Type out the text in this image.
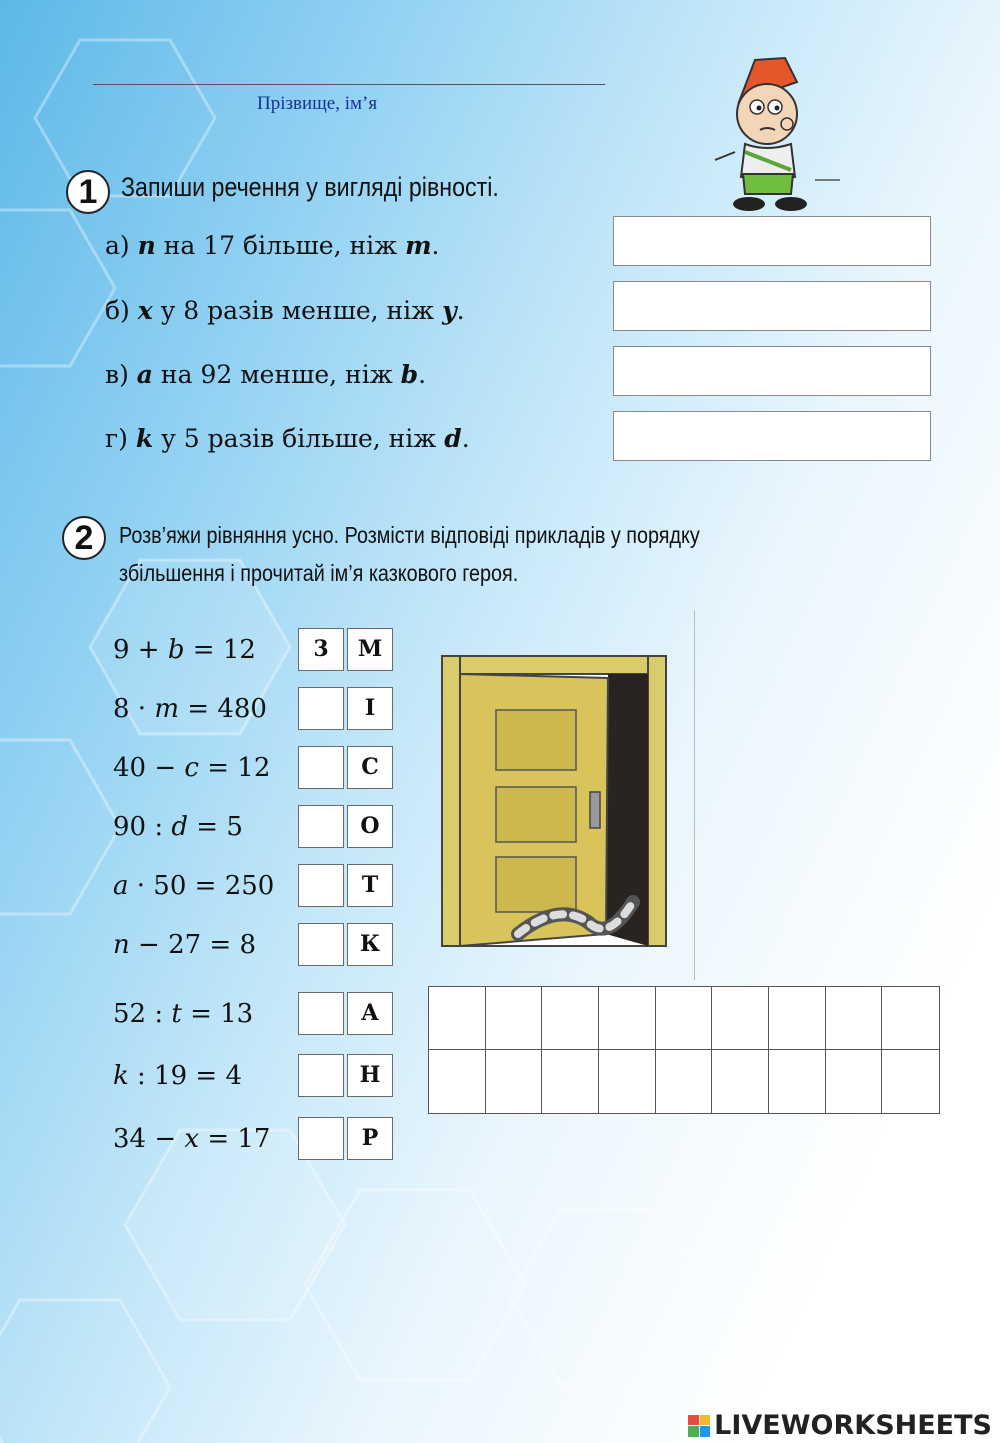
Прізвище, ім’я
1 Запиши речення у вигляді рівності.
а) n на 17 більше, ніж m.
б) x у 8 разів менше, ніж y.
в) a на 92 менше, ніж b.
г) k у 5 разів більше, ніж d.
2	Розв’яжи рівняння усно. Розмісти відповіді прикладів у порядку
збільшення і прочитай ім’я казкового героя.
9 + b = 12
8 · m = 480
40 − c = 12
90 : d = 5
a · 50 = 250
n − 27 = 8
52 : t = 13
k : 19 = 4
34 − x = 17
3	М
І
С
О
Т
К
А
Н
Р
LIVEWORKSHEETS
